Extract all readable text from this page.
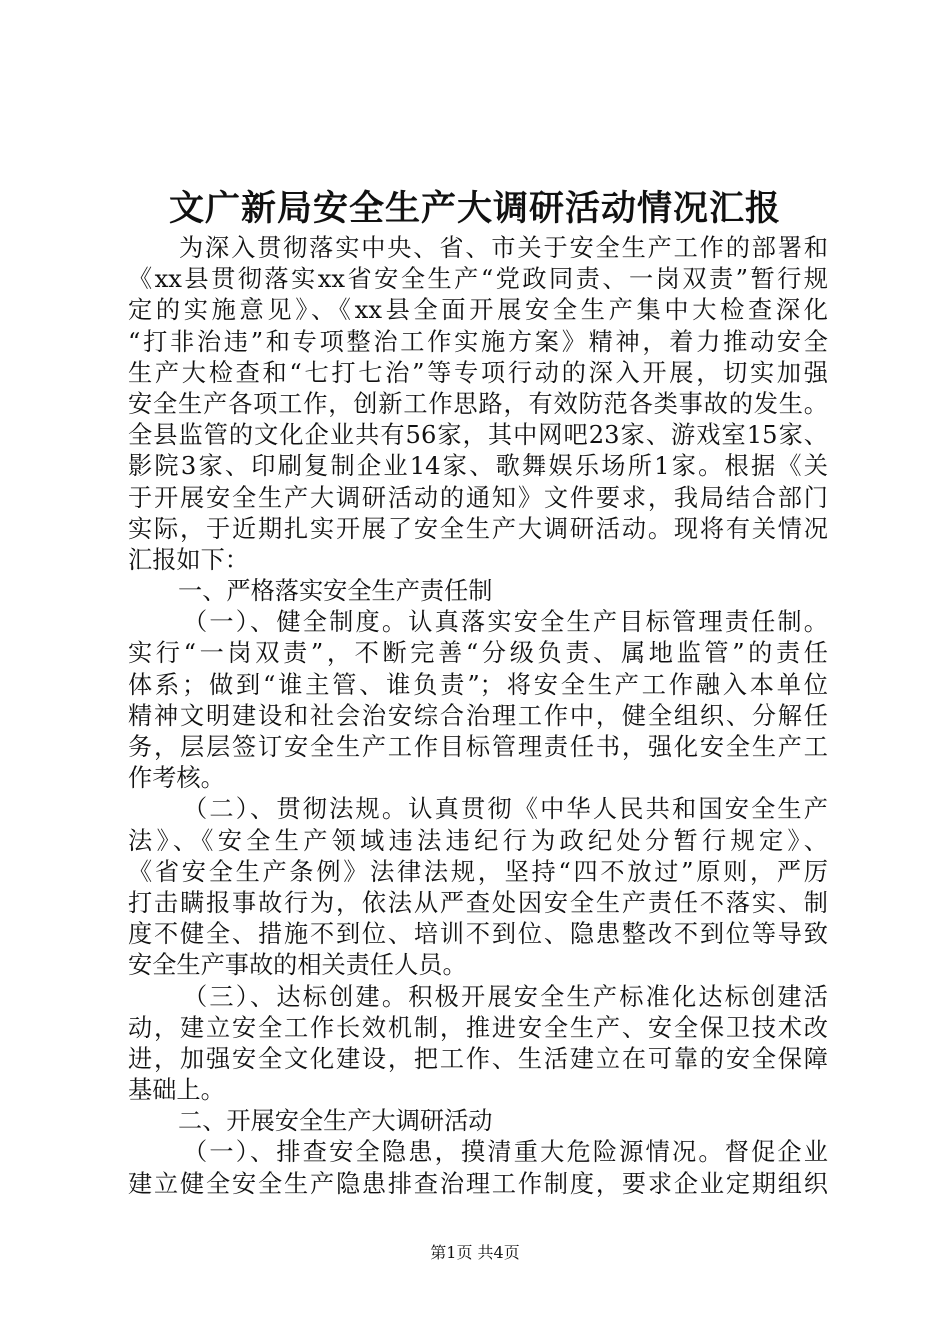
文广新局安全生产大调研活动情况汇报
为深入贯彻落实中央、省、市关于安全生产工作的部署和
《xx县贯彻落实xx省安全生产“党政同责、一岗双责”暂行规
定的实施意见》、《xx县全面开展安全生产集中大检查深化
“打非治违”和专项整治工作实施方案》精神，着力推动安全
生产大检查和“七打七治”等专项行动的深入开展，切实加强
安全生产各项工作，创新工作思路，有效防范各类事故的发生。
全县监管的文化企业共有56家，其中网吧23家、游戏室15家、
影院3家、印刷复制企业14家、歌舞娱乐场所1家。根据《关
于开展安全生产大调研活动的通知》文件要求，我局结合部门
实际，于近期扎实开展了安全生产大调研活动。现将有关情况
汇报如下：
一、严格落实安全生产责任制
（一）、健全制度。认真落实安全生产目标管理责任制。
实行“一岗双责”，不断完善“分级负责、属地监管”的责任
体系；做到“谁主管、谁负责”；将安全生产工作融入本单位
精神文明建设和社会治安综合治理工作中，健全组织、分解任
务，层层签订安全生产工作目标管理责任书，强化安全生产工
作考核。
（二）、贯彻法规。认真贯彻《中华人民共和国安全生产
法》、《安全生产领域违法违纪行为政纪处分暂行规定》、
《省安全生产条例》法律法规，坚持“四不放过”原则，严厉
打击瞒报事故行为，依法从严查处因安全生产责任不落实、制
度不健全、措施不到位、培训不到位、隐患整改不到位等导致
安全生产事故的相关责任人员。
（三）、达标创建。积极开展安全生产标准化达标创建活
动，建立安全工作长效机制，推进安全生产、安全保卫技术改
进，加强安全文化建设，把工作、生活建立在可靠的安全保障
基础上。
二、开展安全生产大调研活动
（一）、排查安全隐患，摸清重大危险源情况。督促企业
建立健全安全生产隐患排查治理工作制度，要求企业定期组织
第1页 共4页
